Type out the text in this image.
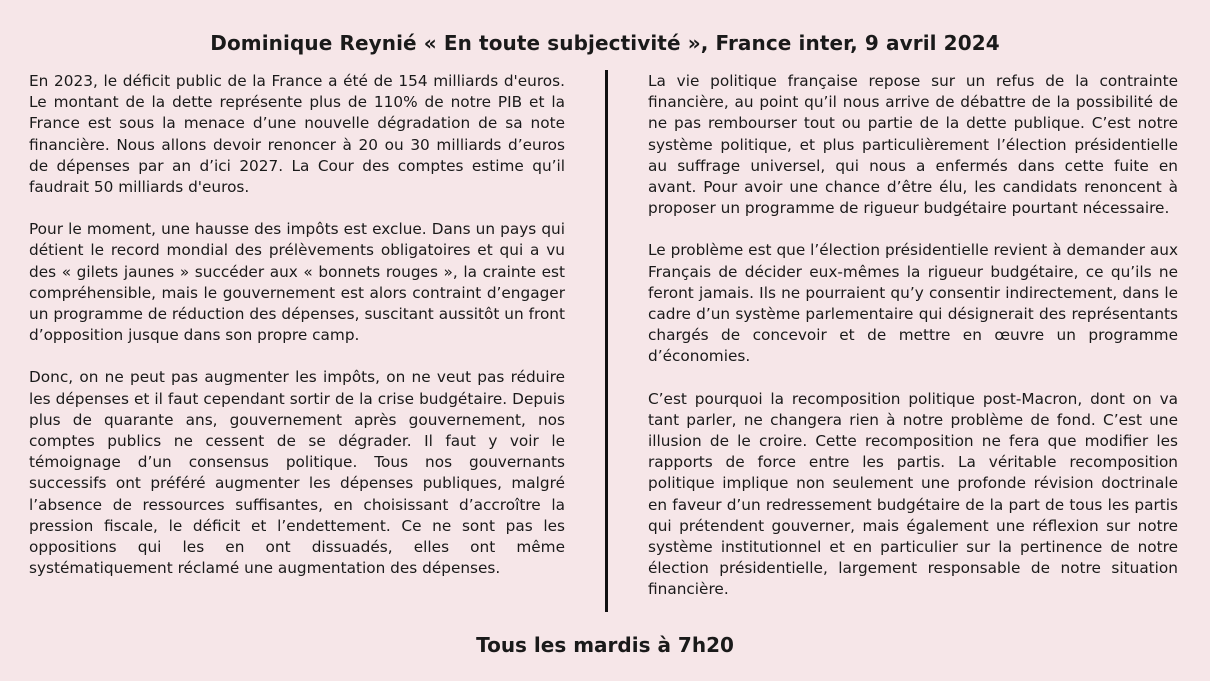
Dominique Reynié « En toute subjectivité », France inter, 9 avril 2024

En 2023, le déficit public de la France a été de 154 milliards d'euros. Le montant de la dette représente plus de 110% de notre PIB et la France est sous la menace d’une nouvelle dégradation de sa note financière. Nous allons devoir renoncer à 20 ou 30 milliards d’euros de dépenses par an d’ici 2027. La Cour des comptes estime qu’il faudrait 50 milliards d'euros.

Pour le moment, une hausse des impôts est exclue. Dans un pays qui détient le record mondial des prélèvements obligatoires et qui a vu des « gilets jaunes » succéder aux « bonnets rouges », la crainte est compréhensible, mais le gouvernement est alors contraint d’engager un programme de réduction des dépenses, suscitant aussitôt un front d’opposition jusque dans son propre camp.

Donc, on ne peut pas augmenter les impôts, on ne veut pas réduire les dépenses et il faut cependant sortir de la crise budgétaire. Depuis plus de quarante ans, gouvernement après gouvernement, nos comptes publics ne cessent de se dégrader. Il faut y voir le témoignage d’un consensus politique. Tous nos gouvernants successifs ont préféré augmenter les dépenses publiques, malgré l’absence de ressources suffisantes, en choisissant d’accroître la pression fiscale, le déficit et l’endettement. Ce ne sont pas les oppositions qui les en ont dissuadés, elles ont même systématiquement réclamé une augmentation des dépenses.

La vie politique française repose sur un refus de la contrainte financière, au point qu’il nous arrive de débattre de la possibilité de ne pas rembourser tout ou partie de la dette publique. C’est notre système politique, et plus particulièrement l’élection présidentielle au suffrage universel, qui nous a enfermés dans cette fuite en avant. Pour avoir une chance d’être élu, les candidats renoncent à proposer un programme de rigueur budgétaire pourtant nécessaire.

Le problème est que l’élection présidentielle revient à demander aux Français de décider eux-mêmes la rigueur budgétaire, ce qu’ils ne feront jamais. Ils ne pourraient qu’y consentir indirectement, dans le cadre d’un système parlementaire qui désignerait des représentants chargés de concevoir et de mettre en œuvre un programme d’économies.

C’est pourquoi la recomposition politique post-Macron, dont on va tant parler, ne changera rien à notre problème de fond. C’est une illusion de le croire. Cette recomposition ne fera que modifier les rapports de force entre les partis. La véritable recomposition politique implique non seulement une profonde révision doctrinale en faveur d’un redressement budgétaire de la part de tous les partis qui prétendent gouverner, mais également une réflexion sur notre système institutionnel et en particulier sur la pertinence de notre élection présidentielle, largement responsable de notre situation financière.

Tous les mardis à 7h20
